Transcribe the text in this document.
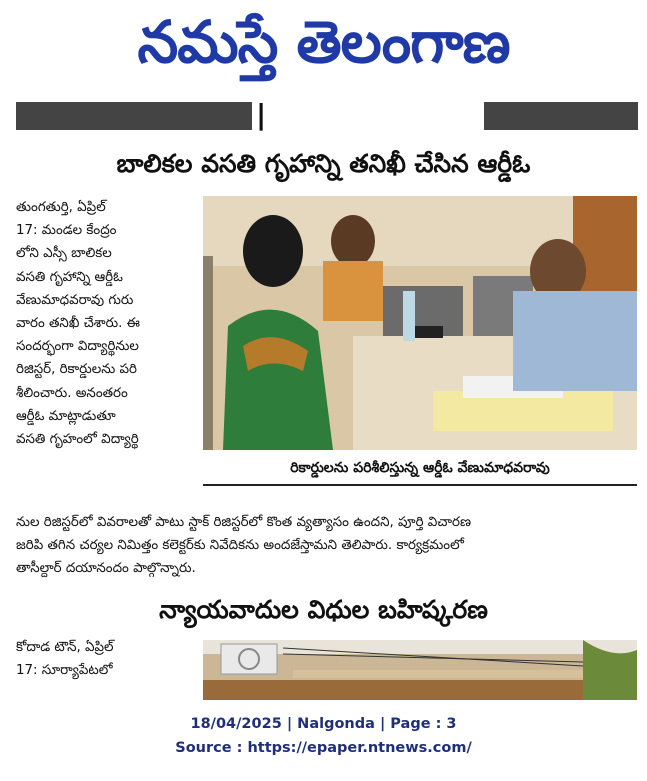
నమస్తే తెలంగాణ
|
బాలికల వసతి గృహాన్ని తనిఖీ చేసిన ఆర్డీఓ
తుంగతుర్తి, ఏప్రిల్
17: మండల కేంద్రం
లోని ఎస్సీ బాలికల
వసతి గృహాన్ని ఆర్డీఓ
వేణుమాధవరావు గురు
వారం తనిఖీ చేశారు. ఈ
సందర్భంగా విద్యార్థినుల
రిజిస్టర్, రికార్డులను పరి
శీలించారు. అనంతరం
ఆర్డీఓ మాట్లాడుతూ
వసతి గృహంలో విద్యార్థి
రికార్డులను పరిశీలిస్తున్న ఆర్డీఓ వేణుమాధవరావు
నుల రిజిస్టర్‌లో వివరాలతో పాటు స్టాక్ రిజిస్టర్‌లో కొంత వ్యత్యాసం ఉందని, పూర్తి విచారణ
జరిపి తగిన చర్యల నిమిత్తం కలెక్టర్‌కు నివేదికను అందజేస్తామని తెలిపారు. కార్యక్రమంలో
తాసీల్దార్ దయానందం పాల్గొన్నారు.
న్యాయవాదుల విధుల బహిష్కరణ
కోదాడ టౌన్, ఏప్రిల్
17: సూర్యాపేటలో
18/04/2025 | Nalgonda | Page : 3
Source : https://epaper.ntnews.com/
